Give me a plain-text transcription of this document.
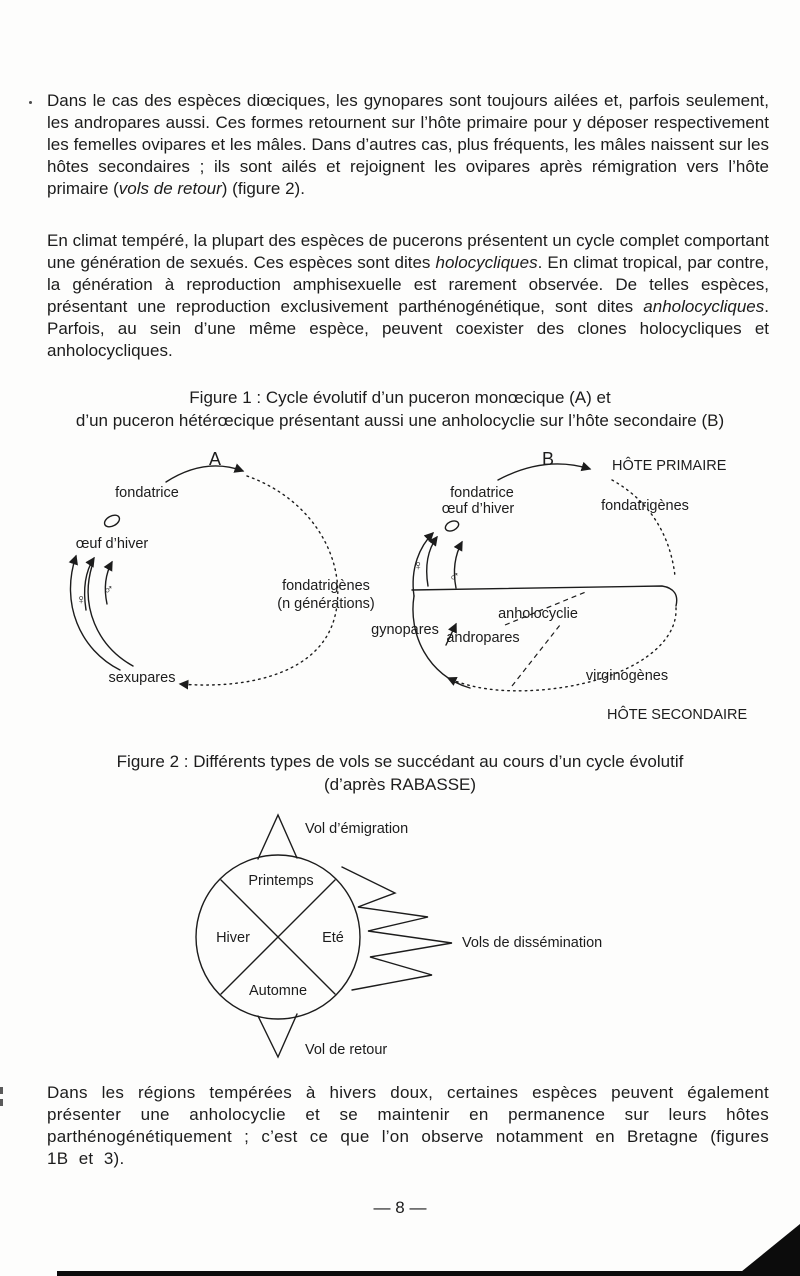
Dans le cas des espèces diœciques, les gynopares sont toujours ailées et, parfois seulement, les andropares aussi. Ces formes retournent sur l’hôte primaire pour y déposer respectivement les femelles ovipares et les mâles. Dans d’autres cas, plus fréquents, les mâles naissent sur les hôtes secondaires ; ils sont ailés et rejoignent les ovipares après rémigration vers l’hôte primaire (vols de retour) (figure 2).

En climat tempéré, la plupart des espèces de pucerons présentent un cycle complet comportant une génération de sexués. Ces espèces sont dites holocycliques. En climat tropical, par contre, la génération à reproduction amphisexuelle est rarement observée. De telles espèces, présentant une reproduction exclusivement parthénogénétique, sont dites anholocycliques. Parfois, au sein d’une même espèce, peuvent coexister des clones holocycliques et anholocycliques.

Figure 1 : Cycle évolutif d’un puceron monœcique (A) et
d’un puceron hétérœcique présentant aussi une anholocyclie sur l’hôte secondaire (B)
A
fondatrice
œuf d’hiver
♀
♂
sexupares
fondatrigènes
(n générations)
B	HÔTE PRIMAIRE
fondatrice
œuf d’hiver	fondatrigènes
♀
♂
anholocyclie
gynopares andropares
virginogènes
HÔTE SECONDAIRE
Figure 2 : Différents types de vols se succédant au cours d’un cycle évolutif
(d’après RABASSE)
Printemps
Hiver	Eté
Automne
Vol d’émigration
Vols de dissémination
Vol de retour

Dans les régions tempérées à hivers doux, certaines espèces peuvent également présenter une anholocyclie et se maintenir en permanence sur leurs hôtes parthénogénétiquement ; c’est ce que l’on observe notamment en Bretagne (figures 1B et 3).

— 8 —
